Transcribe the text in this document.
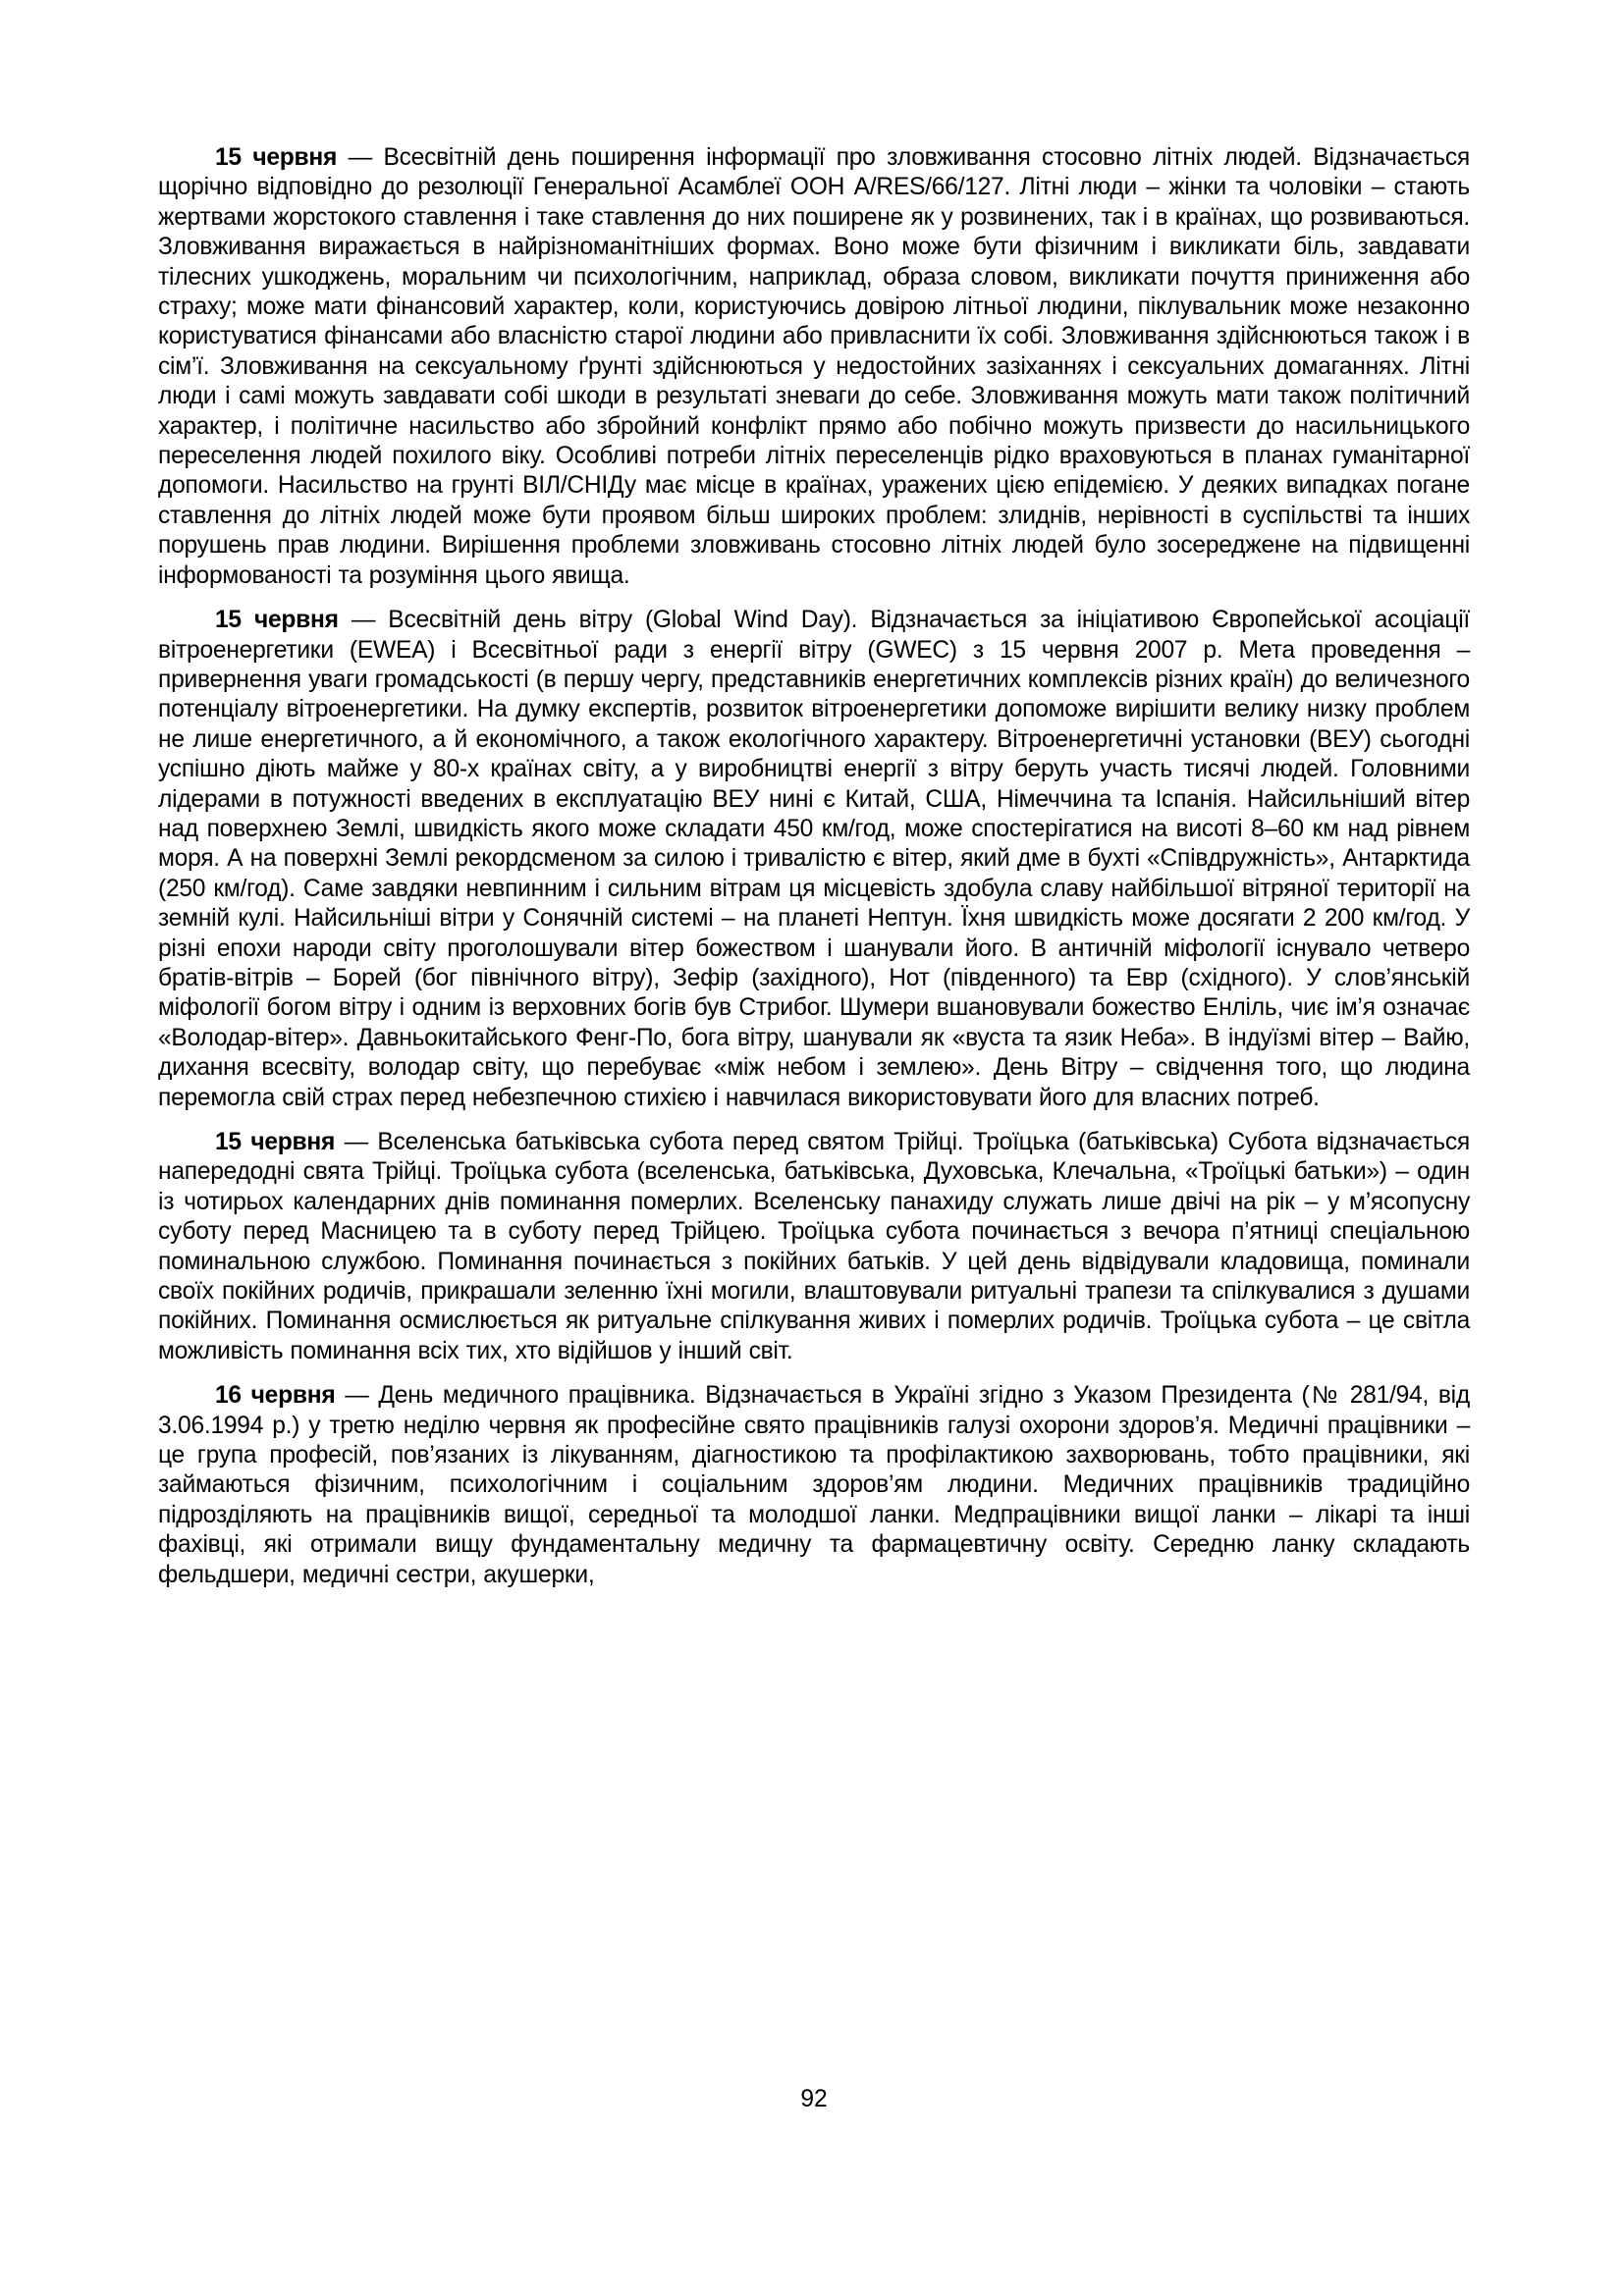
15 червня — Всесвітній день поширення інформації про зловживання стосовно літніх людей. Відзначається щорічно відповідно до резолюції Генеральної Асамблеї ООН A/RES/66/127. Літні люди – жінки та чоловіки – стають жертвами жорстокого ставлення і таке ставлення до них поширене як у розвинених, так і в країнах, що розвиваються. Зловживання виражається в найрізноманітніших формах. Воно може бути фізичним і викликати біль, завдавати тілесних ушкоджень, моральним чи психологічним, наприклад, образа словом, викликати почуття приниження або страху; може мати фінансовий характер, коли, користуючись довірою літньої людини, піклувальник може незаконно користуватися фінансами або власністю старої людини або привласнити їх собі. Зловживання здійснюються також і в сім’ї. Зловживання на сексуальному ґрунті здійснюються у недостойних зазіханнях і сексуальних домаганнях. Літні люди і самі можуть завдавати собі шкоди в результаті зневаги до себе. Зловживання можуть мати також політичний характер, і політичне насильство або збройний конфлікт прямо або побічно можуть призвести до насильницького переселення людей похилого віку. Особливі потреби літніх переселенців рідко враховуються в планах гуманітарної допомоги. Насильство на грунті ВІЛ/СНІДу має місце в країнах, уражених цією епідемією. У деяких випадках погане ставлення до літніх людей може бути проявом більш широких проблем: злиднів, нерівності в суспільстві та інших порушень прав людини. Вирішення проблеми зловживань стосовно літніх людей було зосереджене на підвищенні інформованості та розуміння цього явища.

15 червня — Всесвітній день вітру (Global Wind Day). Відзначається за ініціативою Європейської асоціації вітроенергетики (EWEA) і Всесвітньої ради з енергії вітру (GWEC) з 15 червня 2007 р. Мета проведення – привернення уваги громадськості (в першу чергу, представників енергетичних комплексів різних країн) до величезного потенціалу вітроенергетики. На думку експертів, розвиток вітроенергетики допоможе вирішити велику низку проблем не лише енергетичного, а й економічного, а також екологічного характеру. Вітроенергетичні установки (ВЕУ) сьогодні успішно діють майже у 80-х країнах світу, а у виробництві енергії з вітру беруть участь тисячі людей. Головними лідерами в потужності введених в експлуатацію ВЕУ нині є Китай, США, Німеччина та Іспанія. Найсильніший вітер над поверхнею Землі, швидкість якого може складати 450 км/год, може спостерігатися на висоті 8–60 км над рівнем моря. А на поверхні Землі рекордсменом за силою і тривалістю є вітер, який дме в бухті «Співдружність», Антарктида (250 км/год). Саме завдяки невпинним і сильним вітрам ця місцевість здобула славу найбільшої вітряної території на земній кулі. Найсильніші вітри у Сонячній системі – на планеті Нептун. Їхня швидкість може досягати 2 200 км/год. У різні епохи народи світу проголошували вітер божеством і шанували його. В античній міфології існувало четверо братів-вітрів – Борей (бог північного вітру), Зефір (західного), Нот (південного) та Евр (східного). У слов’янській міфології богом вітру і одним із верховних богів був Стрибог. Шумери вшановували божество Енліль, чиє ім’я означає «Володар-вітер». Давньокитайського Фенг-По, бога вітру, шанували як «вуста та язик Неба». В індуїзмі вітер – Вайю, дихання всесвіту, володар світу, що перебуває «між небом і землею». День Вітру – свідчення того, що людина перемогла свій страх перед небезпечною стихією і навчилася використовувати його для власних потреб.

15 червня — Вселенська батьківська субота перед святом Трійці. Троїцька (батьківська) Субота відзначається напередодні свята Трійці. Троїцька субота (вселенська, батьківська, Духовська, Клечальна, «Троїцькі батьки») – один із чотирьох календарних днів поминання померлих. Вселенську панахиду служать лише двічі на рік – у м’ясопусну суботу перед Масницею та в суботу перед Трійцею. Троїцька субота починається з вечора п’ятниці спеціальною поминальною службою. Поминання починається з покійних батьків. У цей день відвідували кладовища, поминали своїх покійних родичів, прикрашали зеленню їхні могили, влаштовували ритуальні трапези та спілкувалися з душами покійних. Поминання осмислюється як ритуальне спілкування живих і померлих родичів. Троїцька субота – це світла можливість поминання всіх тих, хто відійшов у інший світ.

16 червня — День медичного працівника. Відзначається в Україні згідно з Указом Президента (№ 281/94, від 3.06.1994 р.) у третю неділю червня як професійне свято працівників галузі охорони здоров’я. Медичні працівники – це група професій, пов’язаних із лікуванням, діагностикою та профілактикою захворювань, тобто працівники, які займаються фізичним, психологічним і соціальним здоров’ям людини. Медичних працівників традиційно підрозділяють на працівників вищої, середньої та молодшої ланки. Медпрацівники вищої ланки – лікарі та інші фахівці, які отримали вищу фундаментальну медичну та фармацевтичну освіту. Середню ланку складають фельдшери, медичні сестри, акушерки,

92
